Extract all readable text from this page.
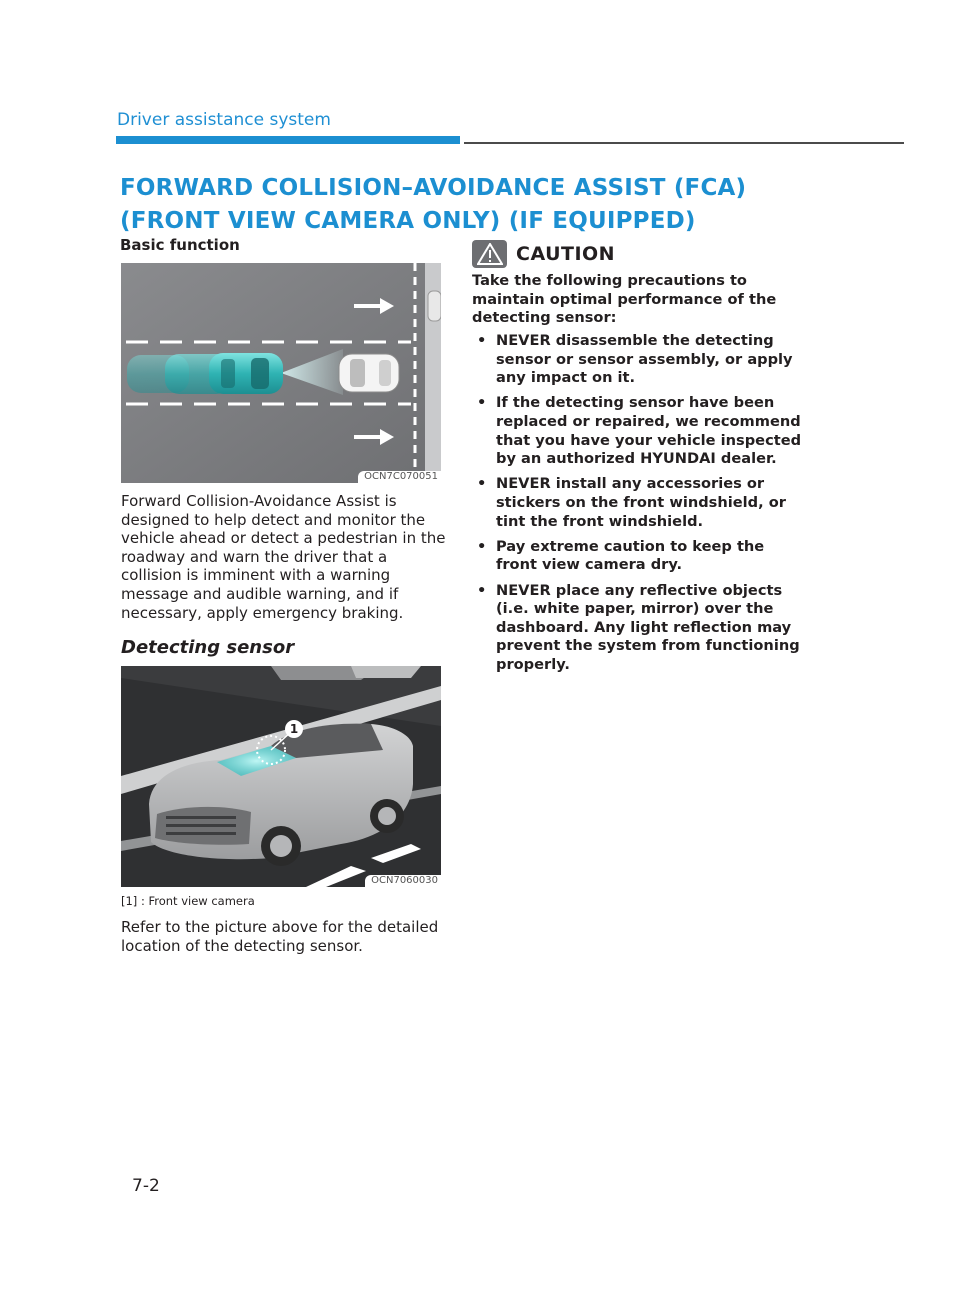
Driver assistance system
FORWARD COLLISION–AVOIDANCE ASSIST (FCA) (FRONT VIEW CAMERA ONLY) (IF EQUIPPED)
Basic function
OCN7C070051
Forward Collision-Avoidance Assist is designed to help detect and monitor the vehicle ahead or detect a pedestrian in the roadway and warn the driver that a collision is imminent with a warning message and audible warning, and if necessary, apply emergency braking.
Detecting sensor
1
OCN7060030
[1] : Front view camera
Refer to the picture above for the detailed location of the detecting sensor.
CAUTION
Take the following precautions to maintain optimal performance of the detecting sensor:
• NEVER disassemble the detecting sensor or sensor assembly, or apply any impact on it.
• If the detecting sensor have been replaced or repaired, we recommend that you have your vehicle inspected by an authorized HYUNDAI dealer.
• NEVER install any accessories or stickers on the front windshield, or tint the front windshield.
• Pay extreme caution to keep the front view camera dry.
• NEVER place any reflective objects (i.e. white paper, mirror) over the dashboard. Any light reflection may prevent the system from functioning properly.
7-2
